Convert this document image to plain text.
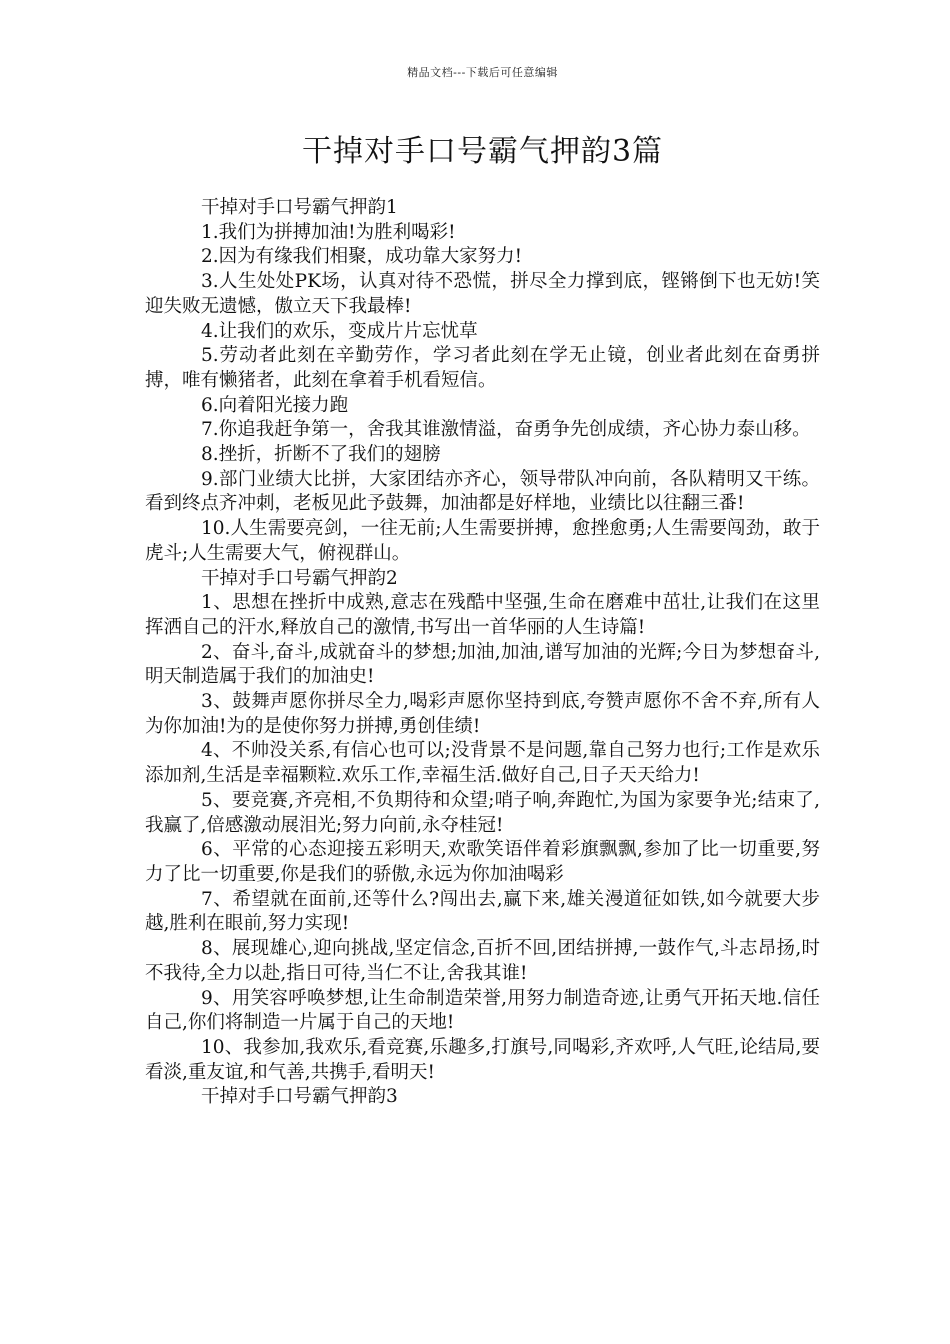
精品文档---下载后可任意编辑
干掉对手口号霸气押韵3篇

干掉对手口号霸气押韵1

1.我们为拼搏加油!为胜利喝彩!

2.因为有缘我们相聚，成功靠大家努力!

3.人生处处PK场，认真对待不恐慌，拼尽全力撑到底，铿锵倒下也无妨!笑迎失败无遗憾，傲立天下我最棒!

4.让我们的欢乐，变成片片忘忧草

5.劳动者此刻在辛勤劳作，学习者此刻在学无止镜，创业者此刻在奋勇拼搏，唯有懒猪者，此刻在拿着手机看短信。

6.向着阳光接力跑

7.你追我赶争第一，舍我其谁激情溢，奋勇争先创成绩，齐心协力泰山移。

8.挫折，折断不了我们的翅膀

9.部门业绩大比拼，大家团结亦齐心，领导带队冲向前，各队精明又干练。看到终点齐冲刺，老板见此予鼓舞，加油都是好样地，业绩比以往翻三番!

10.人生需要亮剑，一往无前;人生需要拼搏，愈挫愈勇;人生需要闯劲，敢于虎斗;人生需要大气，俯视群山。

干掉对手口号霸气押韵2

1、思想在挫折中成熟,意志在残酷中坚强,生命在磨难中茁壮,让我们在这里挥洒自己的汗水,释放自己的激情,书写出一首华丽的人生诗篇!

2、奋斗,奋斗,成就奋斗的梦想;加油,加油,谱写加油的光辉;今日为梦想奋斗,明天制造属于我们的加油史!

3、鼓舞声愿你拼尽全力,喝彩声愿你坚持到底,夸赞声愿你不舍不弃,所有人为你加油!为的是使你努力拼搏,勇创佳绩!

4、不帅没关系,有信心也可以;没背景不是问题,靠自己努力也行;工作是欢乐添加剂,生活是幸福颗粒.欢乐工作,幸福生活.做好自己,日子天天给力!

5、要竞赛,齐亮相,不负期待和众望;哨子响,奔跑忙,为国为家要争光;结束了,我赢了,倍感激动展泪光;努力向前,永夺桂冠!

6、平常的心态迎接五彩明天,欢歌笑语伴着彩旗飘飘,参加了比一切重要,努力了比一切重要,你是我们的骄傲,永远为你加油喝彩

7、希望就在面前,还等什么?闯出去,赢下来,雄关漫道征如铁,如今就要大步越,胜利在眼前,努力实现!

8、展现雄心,迎向挑战,坚定信念,百折不回,团结拼搏,一鼓作气,斗志昂扬,时不我待,全力以赴,指日可待,当仁不让,舍我其谁!

9、用笑容呼唤梦想,让生命制造荣誉,用努力制造奇迹,让勇气开拓天地.信任自己,你们将制造一片属于自己的天地!

10、我参加,我欢乐,看竞赛,乐趣多,打旗号,同喝彩,齐欢呼,人气旺,论结局,要看淡,重友谊,和气善,共携手,看明天!

干掉对手口号霸气押韵3
